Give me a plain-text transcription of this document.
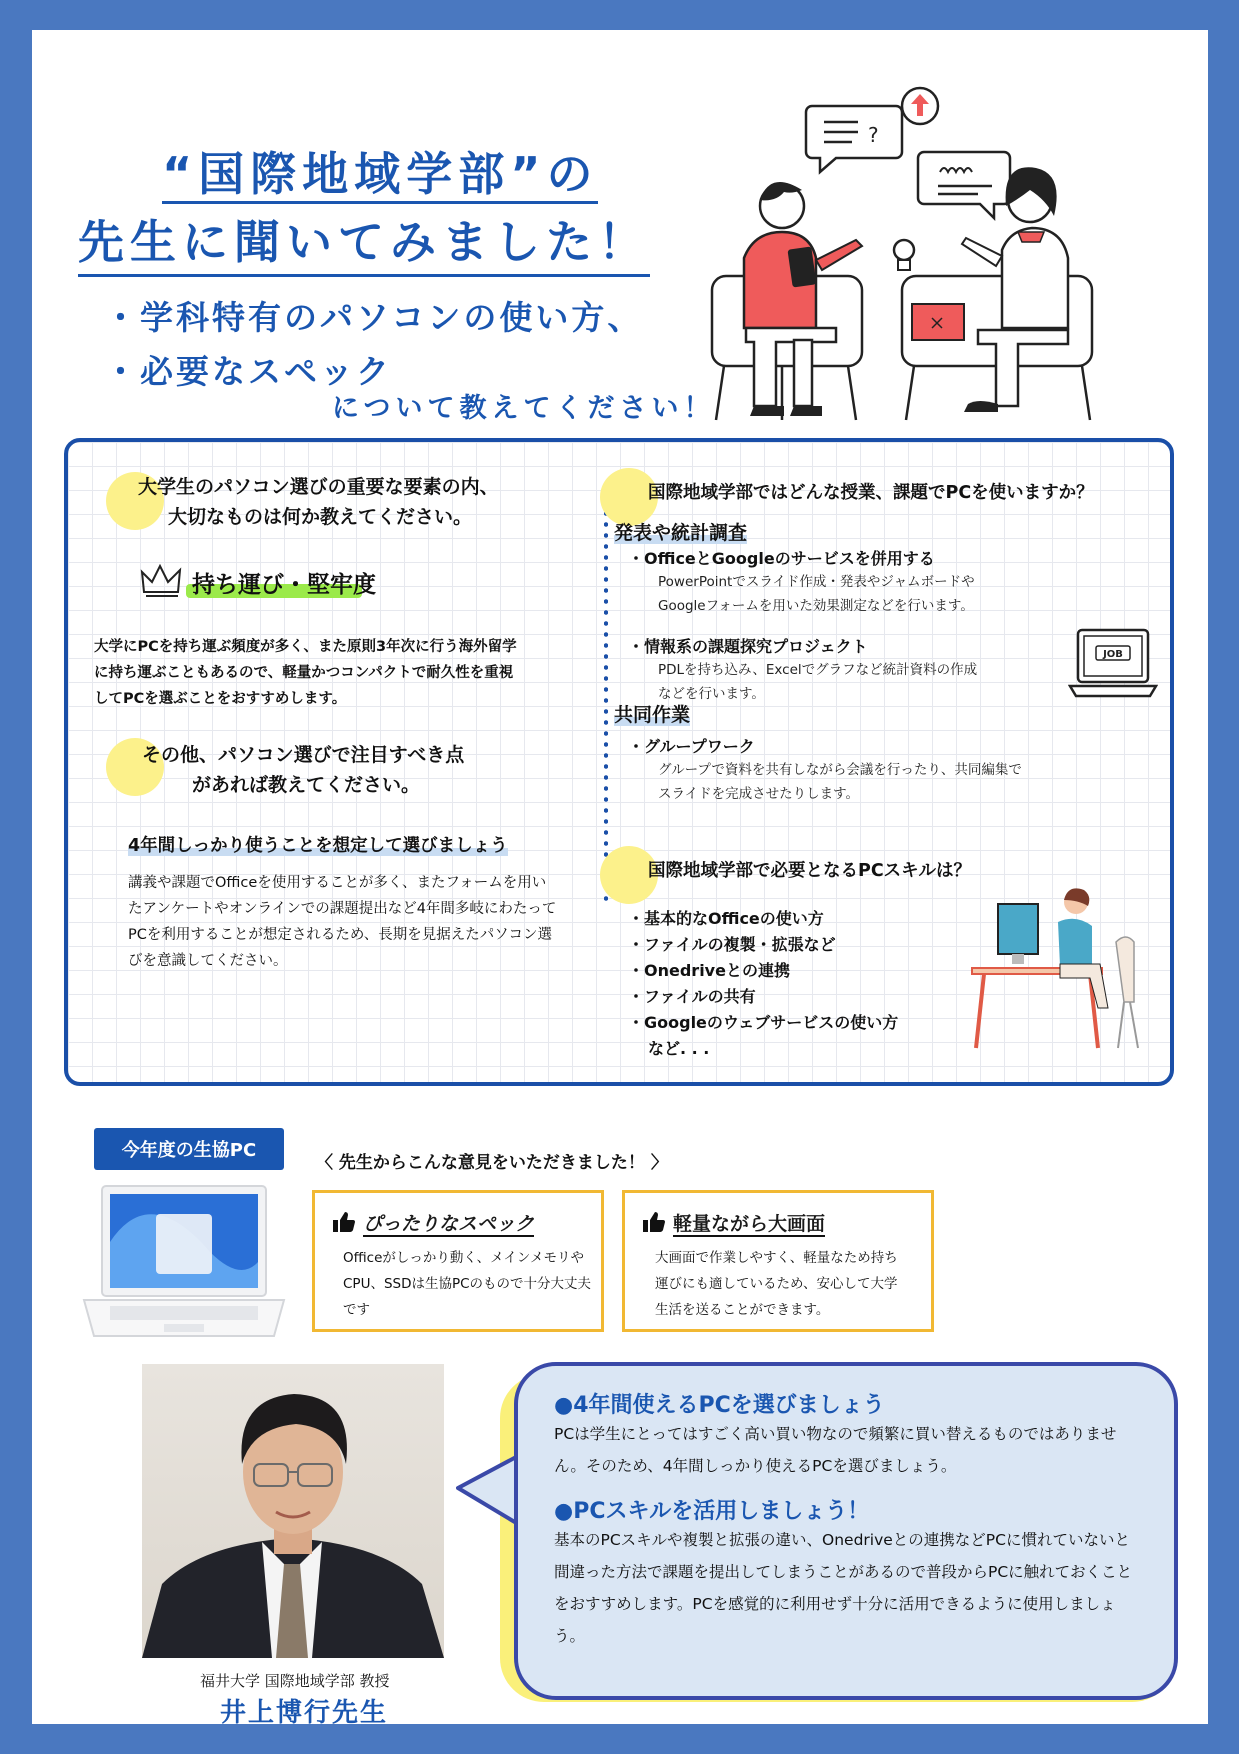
“国際地域学部”の
先生に聞いてみました！
・学科特有のパソコンの使い方、
・必要なスペック
について教えてください！
?
大学生のパソコン選びの重要な要素の内、
大切なものは何か教えてください。
持ち運び・堅牢度
大学にPCを持ち運ぶ頻度が多く、また原則3年次に行う海外留学に持ち運ぶこともあるので、軽量かつコンパクトで耐久性を重視してPCを選ぶことをおすすめします。
その他、パソコン選びで注目すべき点
があれば教えてください。
4年間しっかり使うことを想定して選びましょう
講義や課題でOfficeを使用することが多く、またフォームを用いたアンケートやオンラインでの課題提出など4年間多岐にわたってPCを利用することが想定されるため、長期を見据えたパソコン選びを意識してください。
国際地域学部ではどんな授業、課題でPCを使いますか？
発表や統計調査
・OfficeとGoogleのサービスを併用する
PowerPointでスライド作成・発表やジャムボードやGoogleフォームを用いた効果測定などを行います。
・情報系の課題探究プロジェクト
PDLを持ち込み、Excelでグラフなど統計資料の作成などを行います。
JOB
共同作業
・グループワーク
グループで資料を共有しながら会議を行ったり、共同編集でスライドを完成させたりします。
国際地域学部で必要となるPCスキルは？
・基本的なOfficeの使い方
・ファイルの複製・拡張など
・Onedriveとの連携
・ファイルの共有
・Googleのウェブサービスの使い方
など. . .
今年度の生協PC
〈 先生からこんな意見をいただきました！ 〉
ぴったりなスペック
Officeがしっかり動く、メインメモリやCPU、SSDは生協PCのもので十分大丈夫です
軽量ながら大画面
大画面で作業しやすく、軽量なため持ち運びにも適しているため、安心して大学生活を送ることができます。
福井大学 国際地域学部 教授
井上博行先生
●4年間使えるPCを選びましょう
PCは学生にとってはすごく高い買い物なので頻繁に買い替えるものではありません。そのため、4年間しっかり使えるPCを選びましょう。
●PCスキルを活用しましょう！
基本のPCスキルや複製と拡張の違い、Onedriveとの連携などPCに慣れていないと間違った方法で課題を提出してしまうことがあるので普段からPCに触れておくことをおすすめします。PCを感覚的に利用せず十分に活用できるように使用しましょう。
